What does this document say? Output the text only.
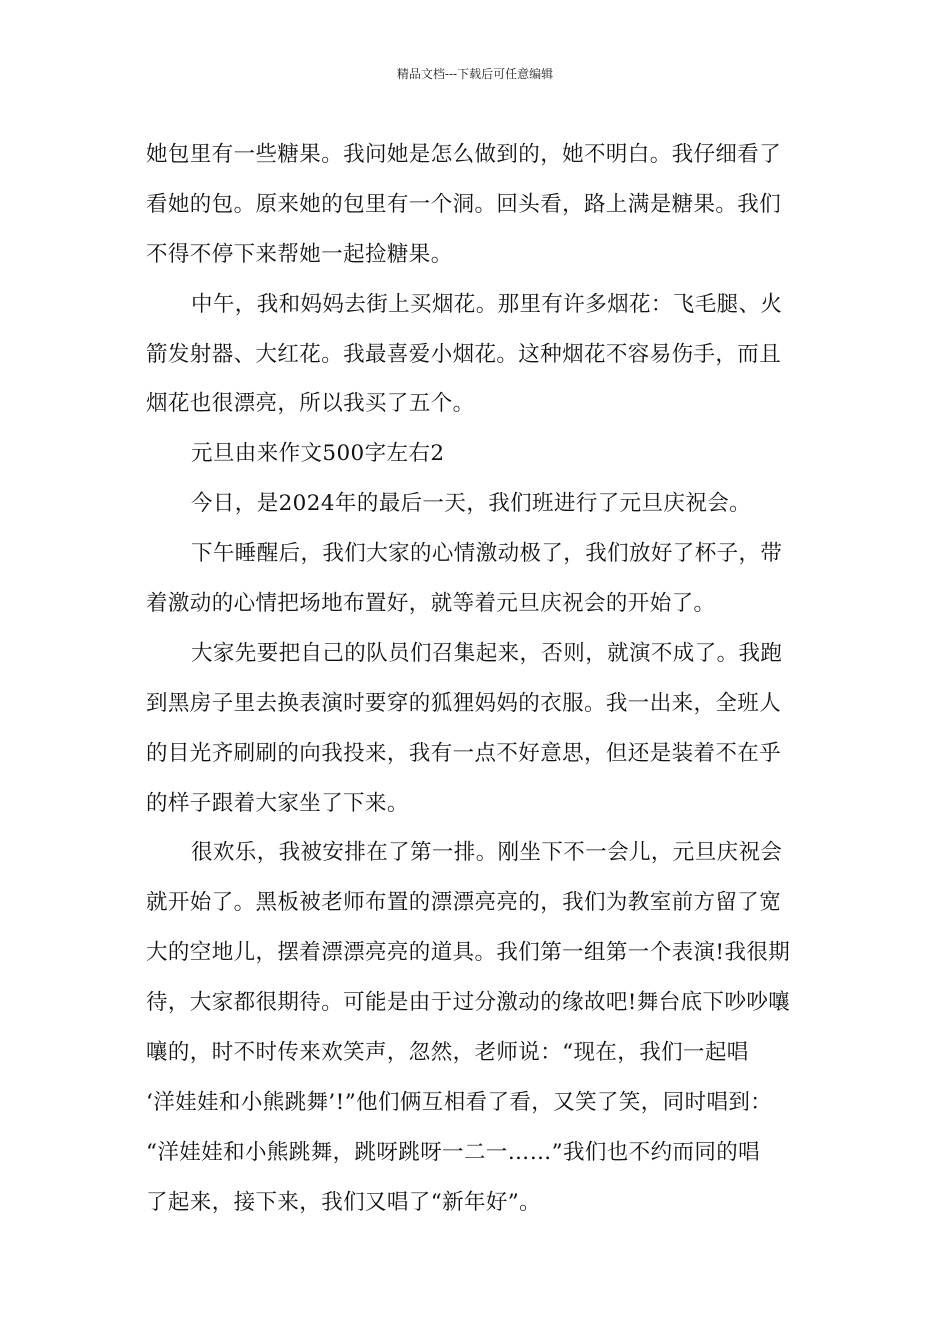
精品文档---下载后可任意编辑
她包里有一些糖果。我问她是怎么做到的，她不明白。我仔细看了
看她的包。原来她的包里有一个洞。回头看，路上满是糖果。我们
不得不停下来帮她一起捡糖果。
中午，我和妈妈去街上买烟花。那里有许多烟花：飞毛腿、火
箭发射器、大红花。我最喜爱小烟花。这种烟花不容易伤手，而且
烟花也很漂亮，所以我买了五个。
元旦由来作文500字左右2
今日，是2024年的最后一天，我们班进行了元旦庆祝会。
下午睡醒后，我们大家的心情激动极了，我们放好了杯子，带
着激动的心情把场地布置好，就等着元旦庆祝会的开始了。
大家先要把自己的队员们召集起来，否则，就演不成了。我跑
到黑房子里去换表演时要穿的狐狸妈妈的衣服。我一出来，全班人
的目光齐刷刷的向我投来，我有一点不好意思，但还是装着不在乎
的样子跟着大家坐了下来。
很欢乐，我被安排在了第一排。刚坐下不一会儿，元旦庆祝会
就开始了。黑板被老师布置的漂漂亮亮的，我们为教室前方留了宽
大的空地儿，摆着漂漂亮亮的道具。我们第一组第一个表演!我很期
待，大家都很期待。可能是由于过分激动的缘故吧!舞台底下吵吵嚷
嚷的，时不时传来欢笑声，忽然，老师说：“现在，我们一起唱
‘洋娃娃和小熊跳舞’!”他们俩互相看了看，又笑了笑，同时唱到：
“洋娃娃和小熊跳舞，跳呀跳呀一二一……”我们也不约而同的唱
了起来，接下来，我们又唱了“新年好”。
